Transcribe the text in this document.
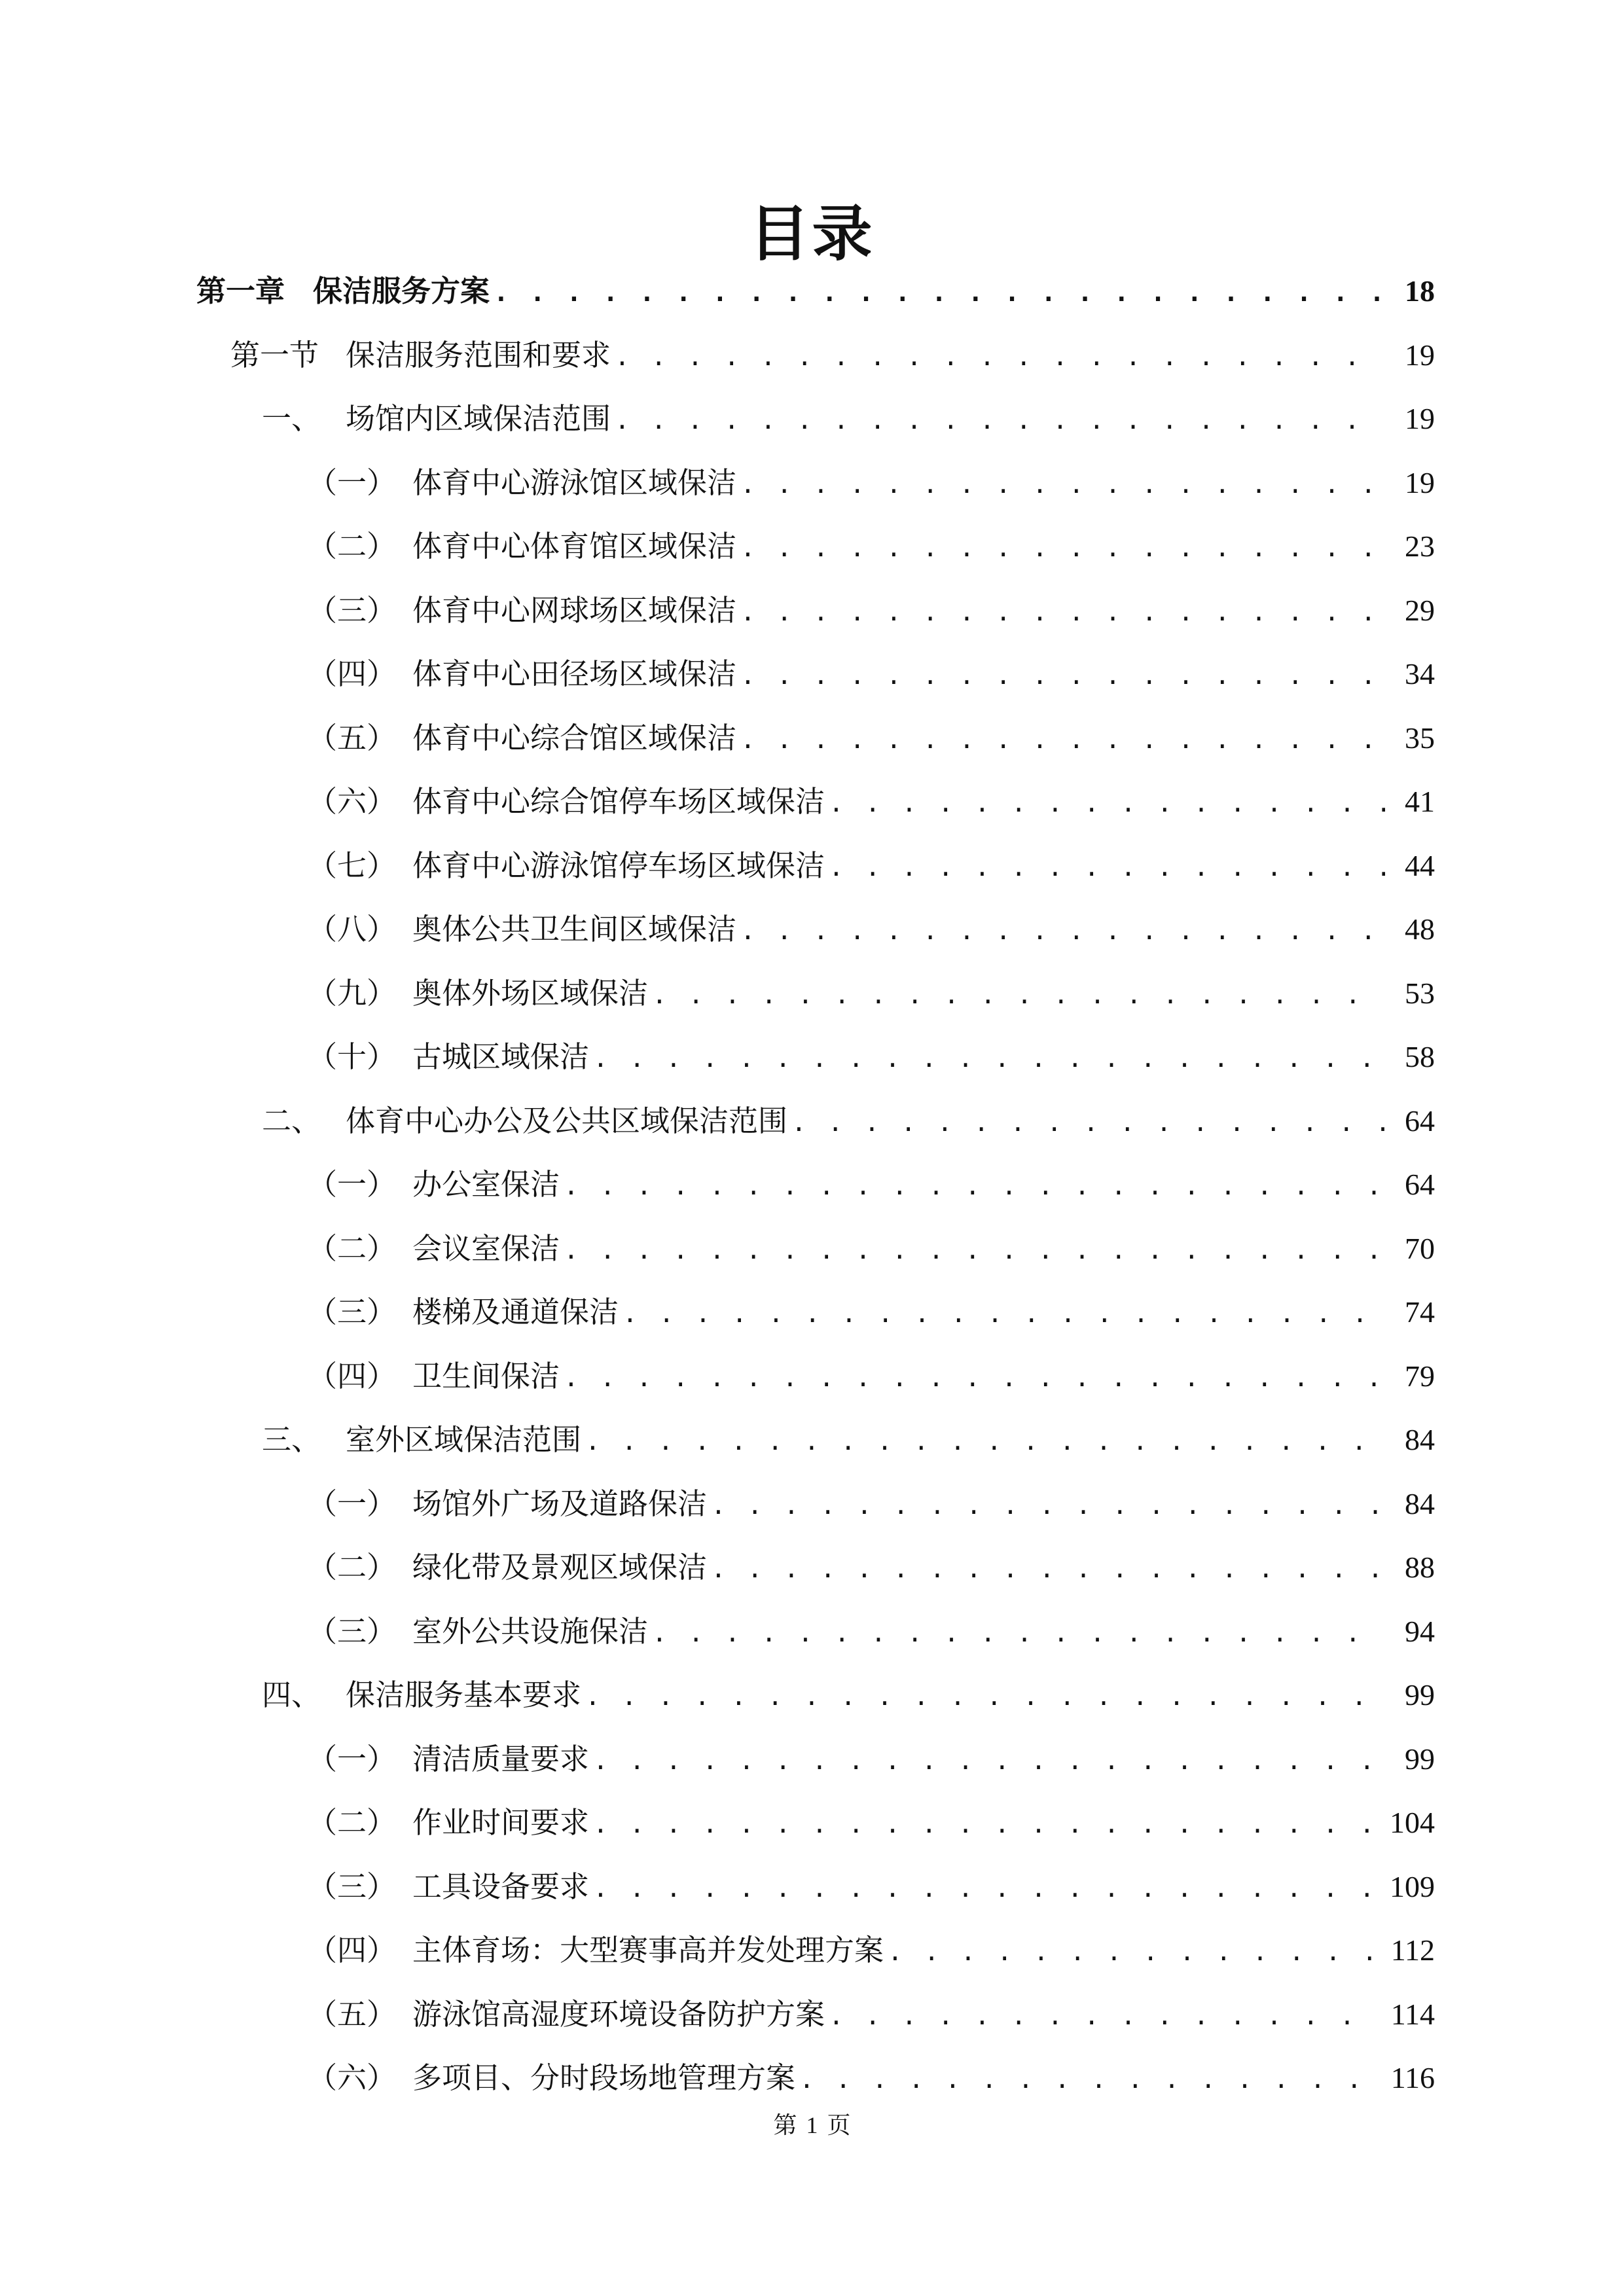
目录
第一章 保洁服务方案 . . .	18
第一节 保洁服务范围和要求 . . .	19
一、 场馆内区域保洁范围 . . .	19
（一） 体育中心游泳馆区域保洁 . . .	19
（二） 体育中心体育馆区域保洁 . . .	23
（三） 体育中心网球场区域保洁 . . .	29
（四） 体育中心田径场区域保洁 . . .	34
（五） 体育中心综合馆区域保洁 . . .	35
（六） 体育中心综合馆停车场区域保洁 . . .	41
（七） 体育中心游泳馆停车场区域保洁 . . .	44
（八） 奥体公共卫生间区域保洁 . . .	48
（九） 奥体外场区域保洁 . . .	53
（十） 古城区域保洁 . . .	58
二、 体育中心办公及公共区域保洁范围 . . .	64
（一） 办公室保洁 . . .	64
（二） 会议室保洁 . . .	70
（三） 楼梯及通道保洁 . . .	74
（四） 卫生间保洁 . . .	79
三、 室外区域保洁范围 . . .	84
（一） 场馆外广场及道路保洁 . . .	84
（二） 绿化带及景观区域保洁 . . .	88
（三） 室外公共设施保洁 . . .	94
四、 保洁服务基本要求 . . .	99
（一） 清洁质量要求 . . .	99
（二） 作业时间要求 . . .	104
（三） 工具设备要求 . . .	109
（四） 主体育场：大型赛事高并发处理方案 . . .	112
（五） 游泳馆高湿度环境设备防护方案 . . .	114
（六） 多项目、分时段场地管理方案 . . .	116
第 1 页
